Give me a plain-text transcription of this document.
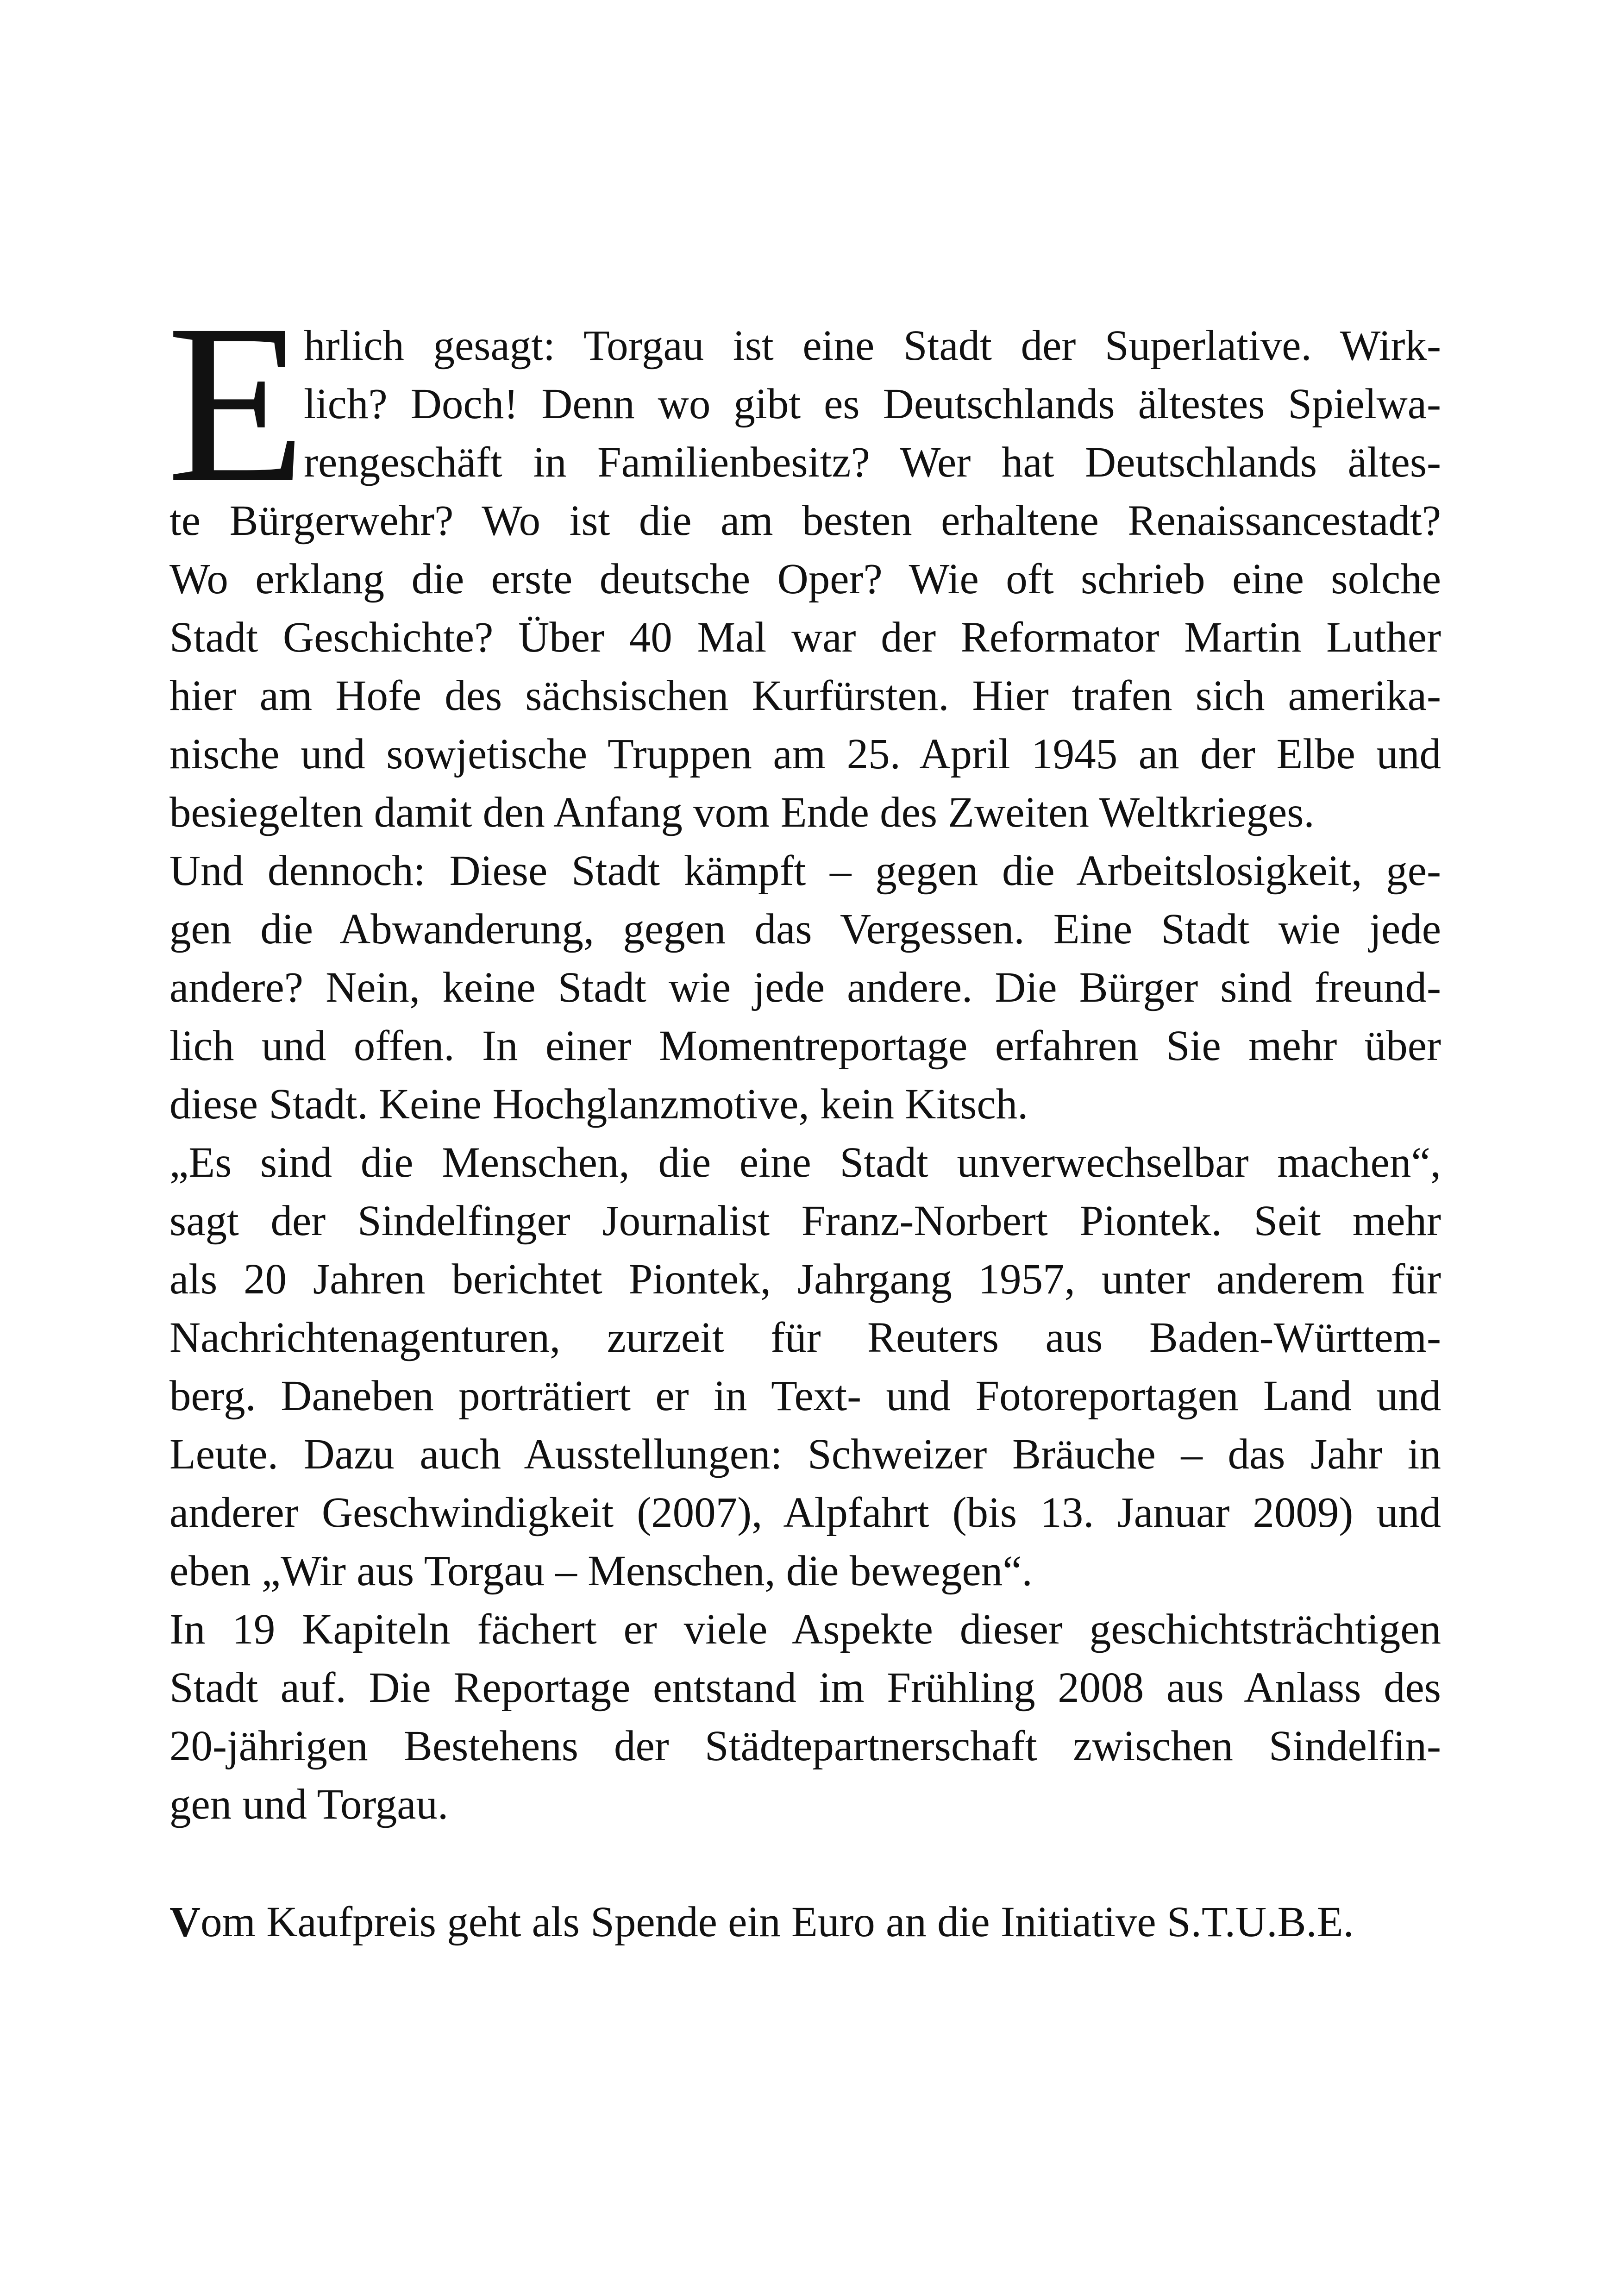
E
hrlich gesagt: Torgau ist eine Stadt der Superlative. Wirk-
lich? Doch! Denn wo gibt es Deutschlands ältestes Spielwa-
rengeschäft in Familienbesitz? Wer hat Deutschlands ältes-
te Bürgerwehr? Wo ist die am besten erhaltene Renaissancestadt?
Wo erklang die erste deutsche Oper? Wie oft schrieb eine solche
Stadt Geschichte? Über 40 Mal war der Reformator Martin Luther
hier am Hofe des sächsischen Kurfürsten. Hier trafen sich amerika-
nische und sowjetische Truppen am 25. April 1945 an der Elbe und
besiegelten damit den Anfang vom Ende des Zweiten Weltkrieges.
Und dennoch: Diese Stadt kämpft – gegen die Arbeitslosigkeit, ge-
gen die Abwanderung, gegen das Vergessen. Eine Stadt wie jede
andere? Nein, keine Stadt wie jede andere. Die Bürger sind freund-
lich und offen. In einer Momentreportage erfahren Sie mehr über
diese Stadt. Keine Hochglanzmotive, kein Kitsch.
„Es sind die Menschen, die eine Stadt unverwechselbar machen“,
sagt der Sindelfinger Journalist Franz-Norbert Piontek. Seit mehr
als 20 Jahren berichtet Piontek, Jahrgang 1957, unter anderem für
Nachrichtenagenturen, zurzeit für Reuters aus Baden-Württem-
berg. Daneben porträtiert er in Text- und Fotoreportagen Land und
Leute. Dazu auch Ausstellungen: Schweizer Bräuche – das Jahr in
anderer Geschwindigkeit (2007), Alpfahrt (bis 13. Januar 2009) und
eben „Wir aus Torgau – Menschen, die bewegen“.
In 19 Kapiteln fächert er viele Aspekte dieser geschichtsträchtigen
Stadt auf. Die Reportage entstand im Frühling 2008 aus Anlass des
20-jährigen Bestehens der Städtepartnerschaft zwischen Sindelfin-
gen und Torgau.
Vom Kaufpreis geht als Spende ein Euro an die Initiative S.T.U.B.E.
